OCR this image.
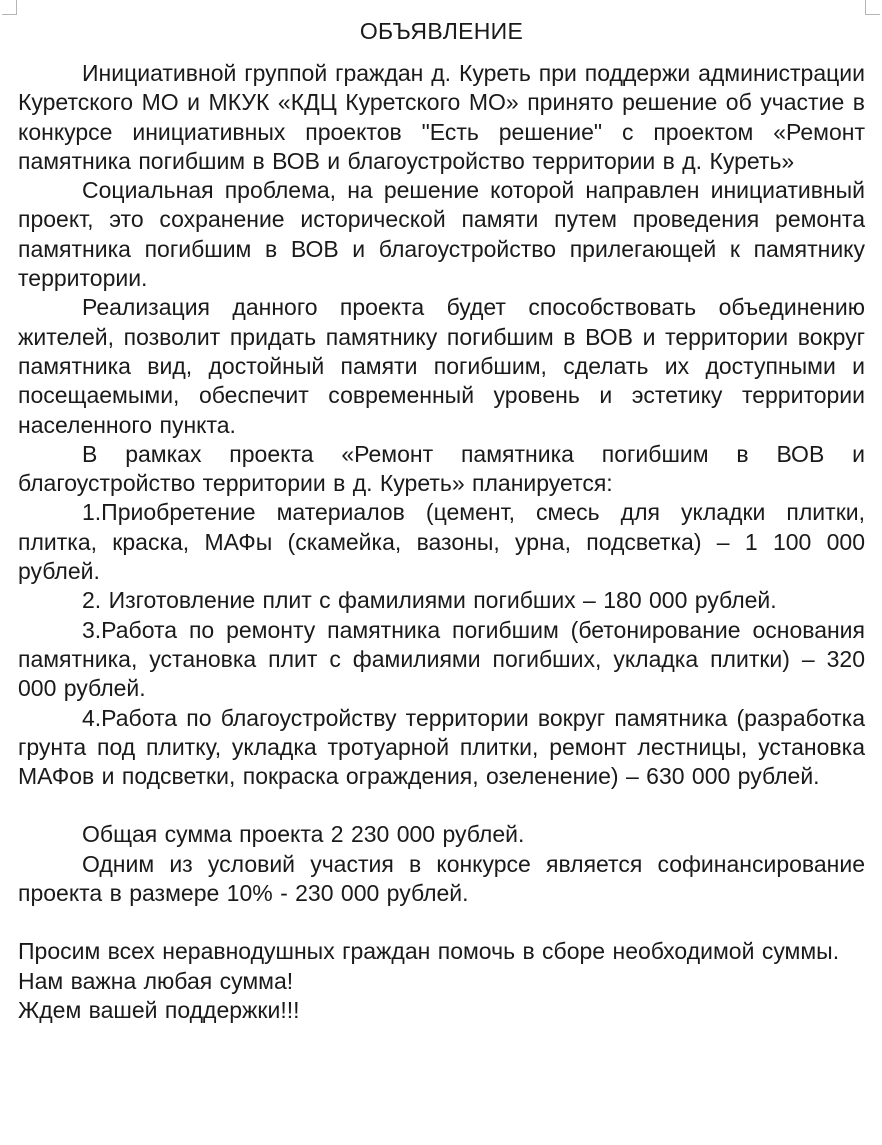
ОБЪЯВЛЕНИЕ

Инициативной группой граждан д. Куреть при поддержи администрации Куретского МО и МКУК «КДЦ Куретского МО» принято решение об участие в конкурсе инициативных проектов "Есть решение" с проектом «Ремонт памятника погибшим в ВОВ и благоустройство территории в д. Куреть»

Социальная проблема, на решение которой направлен инициативный проект, это сохранение исторической памяти путем проведения ремонта памятника погибшим в ВОВ и благоустройство прилегающей к памятнику территории.

Реализация данного проекта будет способствовать объединению жителей, позволит придать памятнику погибшим в ВОВ и территории вокруг памятника вид, достойный памяти погибшим, сделать их доступными и посещаемыми, обеспечит современный уровень и эстетику территории населенного пункта.

В рамках проекта «Ремонт памятника погибшим в ВОВ и благоустройство территории в д. Куреть» планируется:

1.Приобретение материалов (цемент, смесь для укладки плитки, плитка, краска, МАФы (скамейка, вазоны, урна, подсветка) – 1 100 000 рублей.

2. Изготовление плит с фамилиями погибших – 180 000 рублей.

3.Работа по ремонту памятника погибшим (бетонирование основания памятника, установка плит с фамилиями погибших, укладка плитки) – 320 000 рублей.

4.Работа по благоустройству территории вокруг памятника (разработка грунта под плитку, укладка тротуарной плитки, ремонт лестницы, установка МАФов и подсветки, покраска ограждения, озеленение) – 630 000 рублей.

Общая сумма проекта 2 230 000 рублей.

Одним из условий участия в конкурсе является софинансирование проекта в размере 10% - 230 000 рублей.

Просим всех неравнодушных граждан помочь в сборе необходимой суммы.

Нам важна любая сумма!

Ждем вашей поддержки!!!
